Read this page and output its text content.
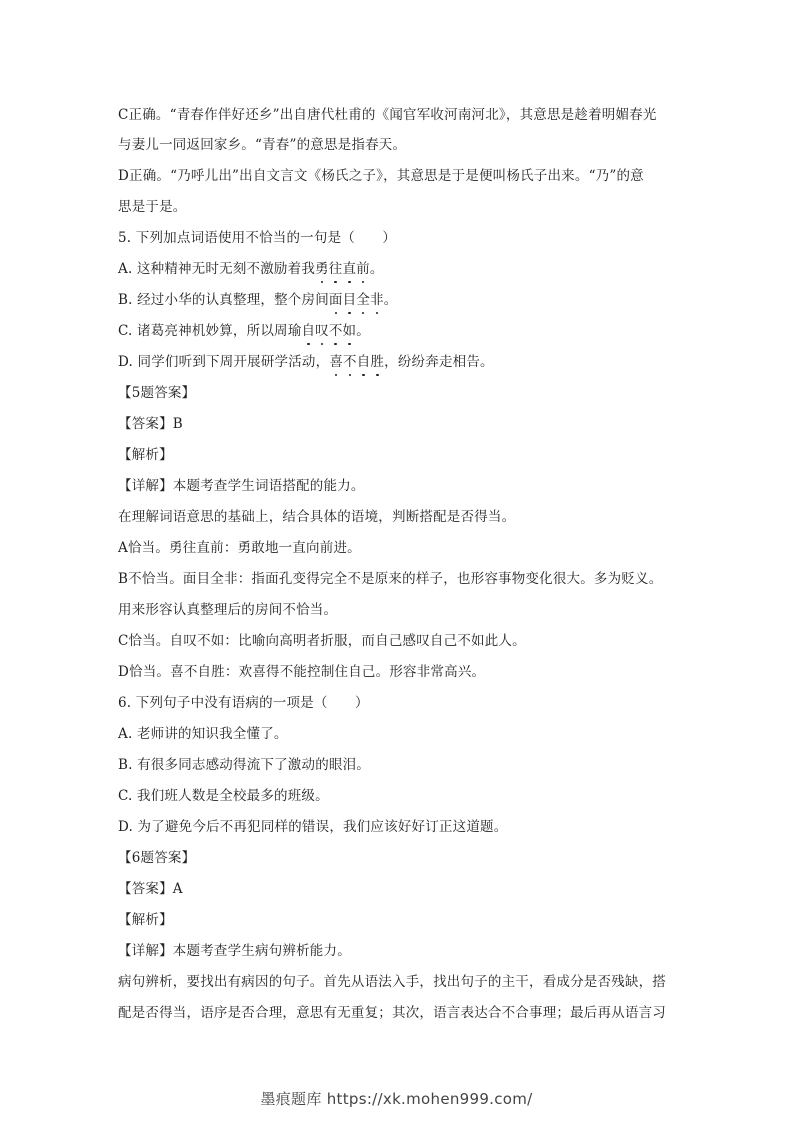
C正确。“青春作伴好还乡”出自唐代杜甫的《闻官军收河南河北》，其意思是趁着明媚春光
与妻儿一同返回家乡。“青春”的意思是指春天。
D正确。“乃呼儿出”出自文言文《杨氏之子》，其意思是于是便叫杨氏子出来。“乃”的意
思是于是。
5. 下列加点词语使用不恰当的一句是（　　）
A. 这种精神无时无刻不激励着我勇往直前。
B. 经过小华的认真整理，整个房间面目全非。
C. 诸葛亮神机妙算，所以周瑜自叹不如。
D. 同学们听到下周开展研学活动，喜不自胜，纷纷奔走相告。
【5题答案】
【答案】B
【解析】
【详解】本题考查学生词语搭配的能力。
在理解词语意思的基础上，结合具体的语境，判断搭配是否得当。
A恰当。勇往直前：勇敢地一直向前进。
B不恰当。面目全非：指面孔变得完全不是原来的样子，也形容事物变化很大。多为贬义。
用来形容认真整理后的房间不恰当。
C恰当。自叹不如：比喻向高明者折服，而自己感叹自己不如此人。
D恰当。喜不自胜：欢喜得不能控制住自己。形容非常高兴。
6. 下列句子中没有语病的一项是（　　）
A. 老师讲的知识我全懂了。
B. 有很多同志感动得流下了激动的眼泪。
C. 我们班人数是全校最多的班级。
D. 为了避免今后不再犯同样的错误，我们应该好好订正这道题。
【6题答案】
【答案】A
【解析】
【详解】本题考查学生病句辨析能力。
病句辨析，要找出有病因的句子。首先从语法入手，找出句子的主干，看成分是否残缺，搭
配是否得当，语序是否合理，意思有无重复；其次，语言表达合不合事理；最后再从语言习
墨痕题库 https://xk.mohen999.com/
